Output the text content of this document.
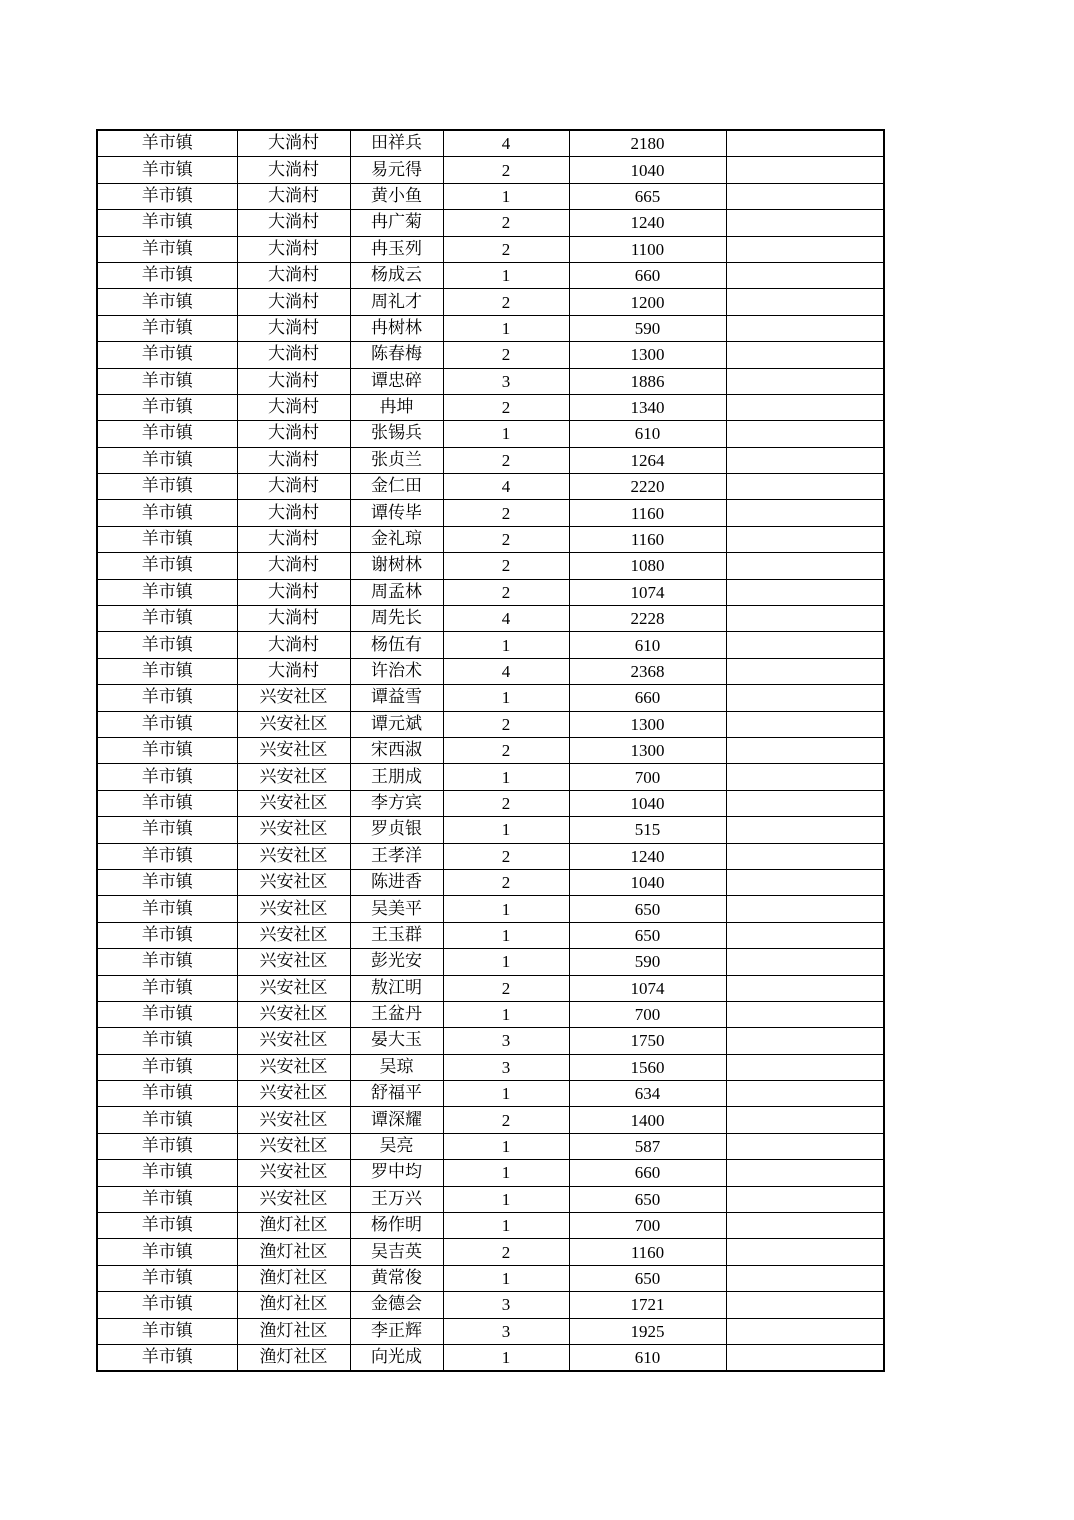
羊市镇	大淌村	田祥兵	4	2180	
羊市镇	大淌村	易元得	2	1040	
羊市镇	大淌村	黄小鱼	1	665	
羊市镇	大淌村	冉广菊	2	1240	
羊市镇	大淌村	冉玉列	2	1100	
羊市镇	大淌村	杨成云	1	660	
羊市镇	大淌村	周礼才	2	1200	
羊市镇	大淌村	冉树林	1	590	
羊市镇	大淌村	陈春梅	2	1300	
羊市镇	大淌村	谭忠碎	3	1886	
羊市镇	大淌村	冉坤	2	1340	
羊市镇	大淌村	张锡兵	1	610	
羊市镇	大淌村	张贞兰	2	1264	
羊市镇	大淌村	金仁田	4	2220	
羊市镇	大淌村	谭传毕	2	1160	
羊市镇	大淌村	金礼琼	2	1160	
羊市镇	大淌村	谢树林	2	1080	
羊市镇	大淌村	周孟林	2	1074	
羊市镇	大淌村	周先长	4	2228	
羊市镇	大淌村	杨伍有	1	610	
羊市镇	大淌村	许治术	4	2368	
羊市镇	兴安社区	谭益雪	1	660	
羊市镇	兴安社区	谭元斌	2	1300	
羊市镇	兴安社区	宋西淑	2	1300	
羊市镇	兴安社区	王朋成	1	700	
羊市镇	兴安社区	李方宾	2	1040	
羊市镇	兴安社区	罗贞银	1	515	
羊市镇	兴安社区	王孝洋	2	1240	
羊市镇	兴安社区	陈进香	2	1040	
羊市镇	兴安社区	吴美平	1	650	
羊市镇	兴安社区	王玉群	1	650	
羊市镇	兴安社区	彭光安	1	590	
羊市镇	兴安社区	敖江明	2	1074	
羊市镇	兴安社区	王盆丹	1	700	
羊市镇	兴安社区	晏大玉	3	1750	
羊市镇	兴安社区	吴琼	3	1560	
羊市镇	兴安社区	舒福平	1	634	
羊市镇	兴安社区	谭深耀	2	1400	
羊市镇	兴安社区	吴亮	1	587	
羊市镇	兴安社区	罗中均	1	660	
羊市镇	兴安社区	王万兴	1	650	
羊市镇	渔灯社区	杨作明	1	700	
羊市镇	渔灯社区	吴吉英	2	1160	
羊市镇	渔灯社区	黄常俊	1	650	
羊市镇	渔灯社区	金德会	3	1721	
羊市镇	渔灯社区	李正辉	3	1925	
羊市镇	渔灯社区	向光成	1	610	
